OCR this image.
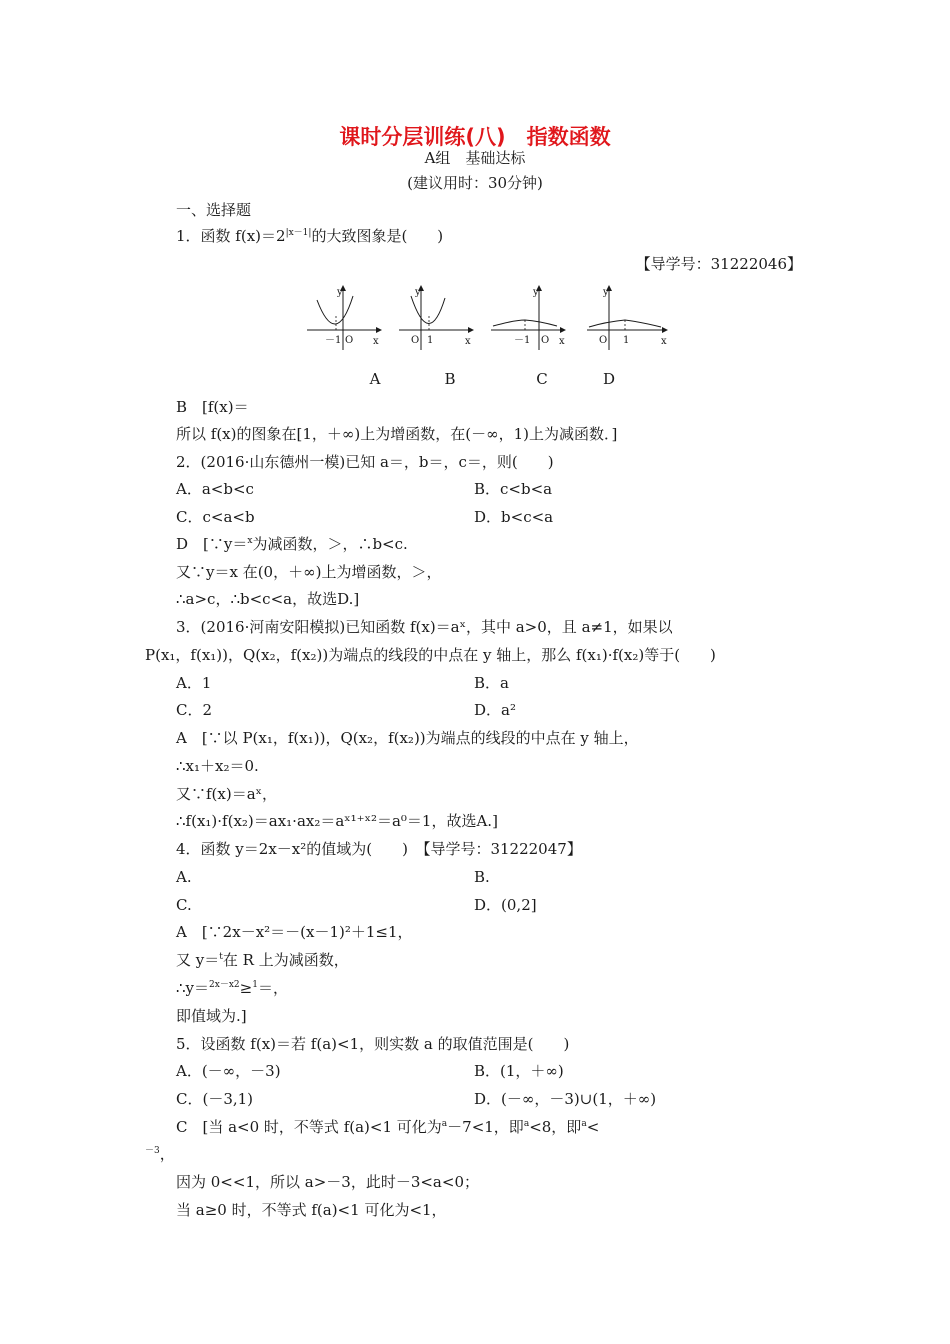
课时分层训练(八)　指数函数
A组　基础达标
(建议用时：30分钟)
一、选择题
1．函数 $f(x)=2^{|x-1|}$的大致图象是(　　)
【导学号：31222046】
y
x
－1 O
y
x
O 1
y
x
－1 O
y
x
O 1
A	B	C	D
B　[f(x)＝
所以 f(x)的图象在[1，＋∞)上为增函数，在(－∞，1)上为减函数．]
2．(2016·山东德州一模)已知 a＝，b＝，c＝，则(　　)
A．a<b<c	B．c<b<a
C．c<a<b	D．b<c<a
D　[∵y＝$^x$为减函数，＞，∴b<c.
又∵y＝x 在(0，＋∞)上为增函数，＞，
∴a>c，∴b<c<a，故选D.]
3．(2016·河南安阳模拟)已知函数 f(x)＝aˣ，其中 a>0，且 a≠1，如果以
P(x₁，f(x₁))，Q(x₂，f(x₂))为端点的线段的中点在 y 轴上，那么 f(x₁)·f(x₂)等于(　　)
A．1	B．a
C．2	D．a²
A　[∵以 P(x₁，f(x₁))，Q(x₂，f(x₂))为端点的线段的中点在 y 轴上，
∴x₁＋x₂＝0.
又∵f(x)＝aˣ，
∴f(x₁)·f(x₂)＝ax₁·ax₂＝aˣ¹⁺ˣ²＝a⁰＝1，故选A.]
4．函数 y＝2x－x²的值域为(　　)　【导学号：31222047】
A.	B.
C.	D．(0,2]
A　[∵2x－x²＝－(x－1)²＋1≤1，
又 y＝$^t$在 R 上为减函数，
∴y＝$^{2x-x2}$≥$^1$＝，
即值域为.]
5．设函数 f(x)＝若 f(a)<1，则实数 a 的取值范围是(　　)
A．(－∞，－3)	B．(1，＋∞)
C．(－3,1)	D．(－∞，－3)∪(1，＋∞)
C　[当 a<0 时，不等式 f(a)<1 可化为$^a$－7<1，即$^a$<8，即$^a$<
$^{-3}$，
因为 0<<1，所以 a>－3，此时－3<a<0；
当 a≥0 时，不等式 f(a)<1 可化为<1，
